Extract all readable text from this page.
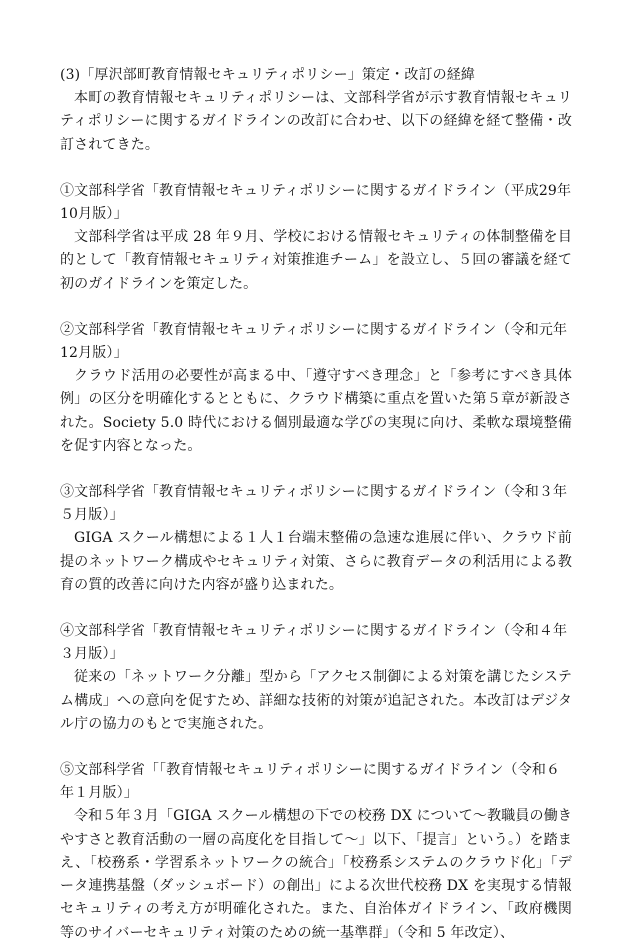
(3)「厚沢部町教育情報セキュリティポリシー」策定・改訂の経緯

本町の教育情報セキュリティポリシーは、文部科学省が示す教育情報セキュリティポリシーに関するガイドラインの改訂に合わせ、以下の経緯を経て整備・改訂されてきた。

①文部科学省「教育情報セキュリティポリシーに関するガイドライン（平成29年10月版）」

文部科学省は平成 28 年９月、学校における情報セキュリティの体制整備を目的として「教育情報セキュリティ対策推進チーム」を設立し、５回の審議を経て初のガイドラインを策定した。

②文部科学省「教育情報セキュリティポリシーに関するガイドライン（令和元年12月版）」

クラウド活用の必要性が高まる中、「遵守すべき理念」と「参考にすべき具体例」の区分を明確化するとともに、クラウド構築に重点を置いた第５章が新設された。Society 5.0 時代における個別最適な学びの実現に向け、柔軟な環境整備を促す内容となった。

③文部科学省「教育情報セキュリティポリシーに関するガイドライン（令和３年５月版）」

GIGA スクール構想による１人１台端末整備の急速な進展に伴い、クラウド前提のネットワーク構成やセキュリティ対策、さらに教育データの利活用による教育の質的改善に向けた内容が盛り込まれた。

④文部科学省「教育情報セキュリティポリシーに関するガイドライン（令和４年３月版）」

従来の「ネットワーク分離」型から「アクセス制御による対策を講じたシステム構成」への意向を促すため、詳細な技術的対策が追記された。本改訂はデジタル庁の協力のもとで実施された。

⑤文部科学省「「教育情報セキュリティポリシーに関するガイドライン（令和６年１月版）」

令和５年３月「GIGA スクール構想の下での校務 DX について～教職員の働きやすさと教育活動の一層の高度化を目指して～」以下、「提言」という。）を踏まえ、「校務系・学習系ネットワークの統合」「校務系システムのクラウド化」「データ連携基盤（ダッシュボード）の創出」による次世代校務 DX を実現する情報セキュリティの考え方が明確化された。また、自治体ガイドライン、「政府機関等のサイバーセキュリティ対策のための統一基準群」（令和 5 年改定）、
